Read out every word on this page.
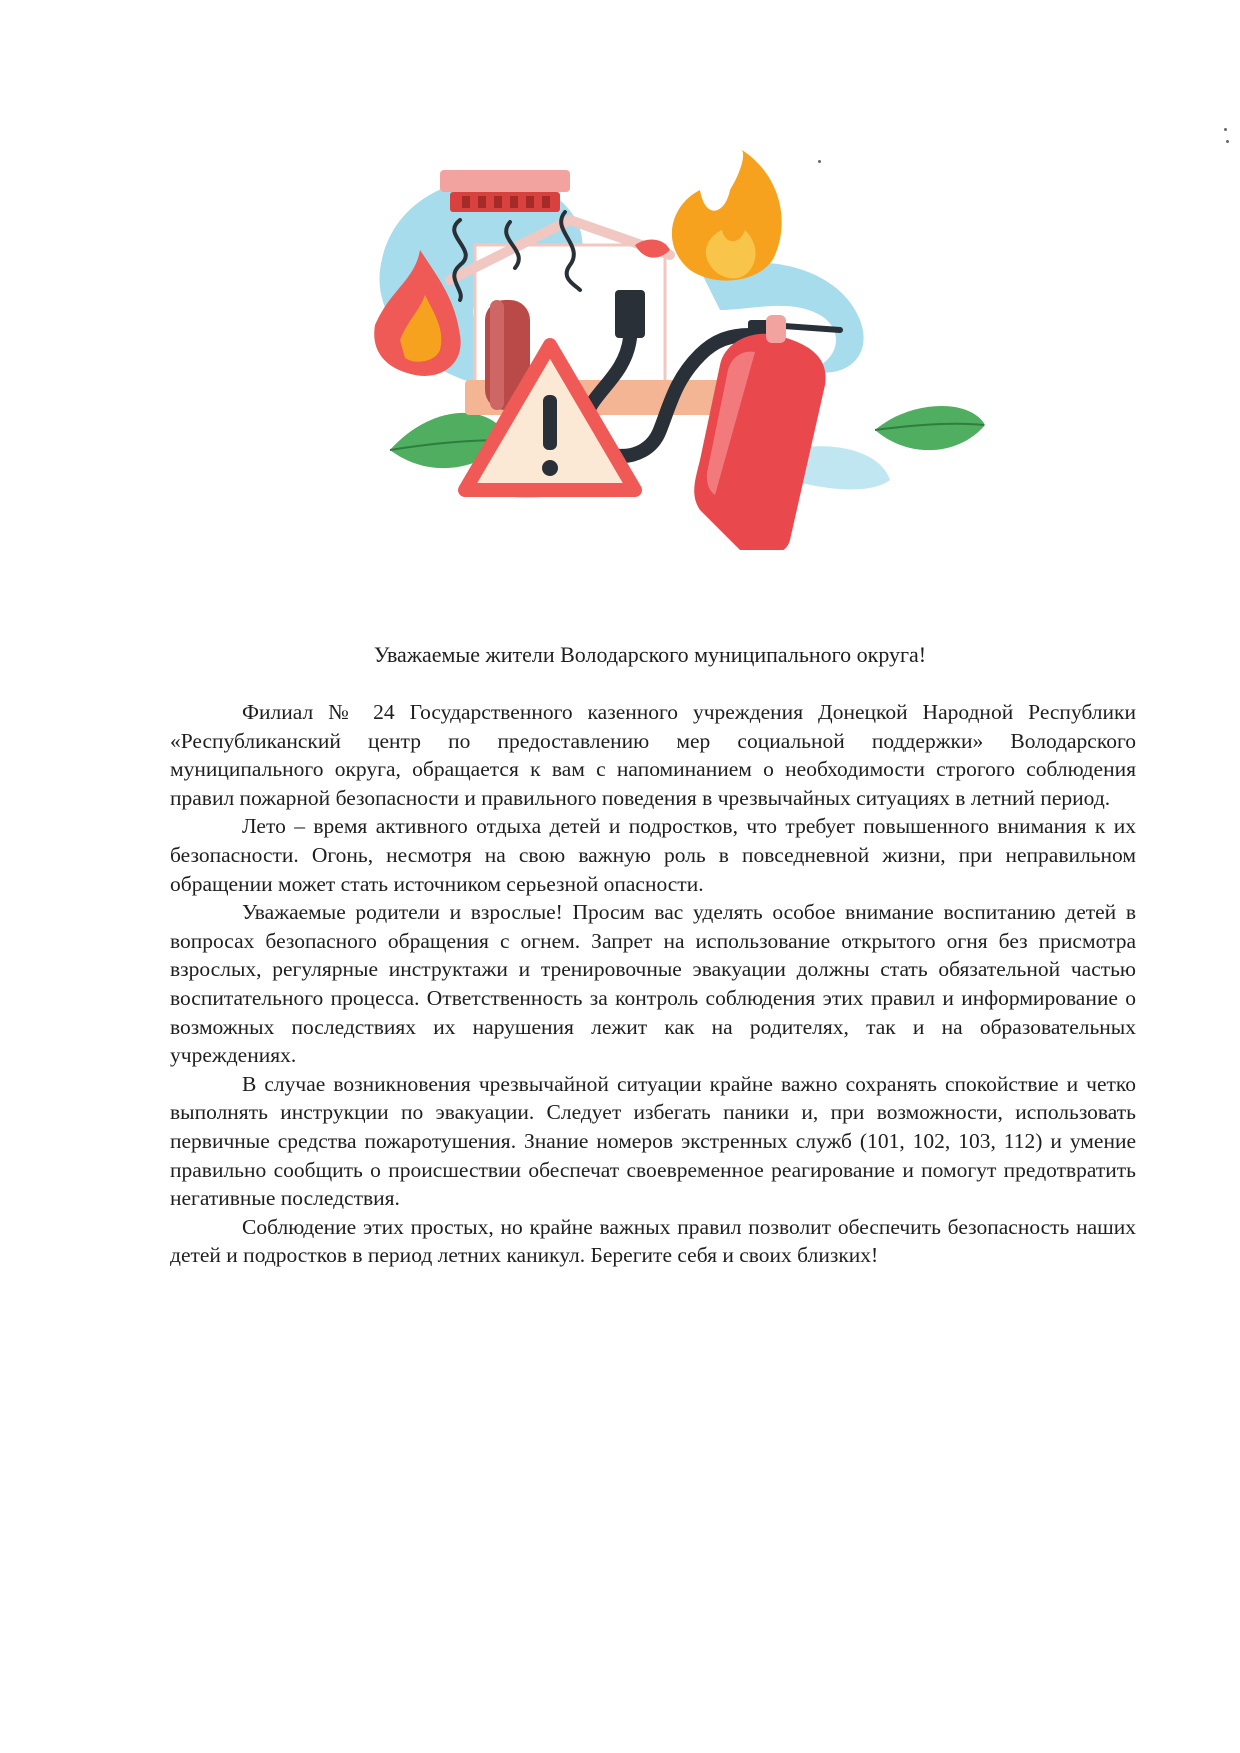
Уважаемые жители Володарского муниципального округа!

Филиал № 24 Государственного казенного учреждения Донецкой Народной Республики «Республиканский центр по предоставлению мер социальной поддержки» Володарского муниципального округа, обращается к вам с напоминанием о необходимости строгого соблюдения правил пожарной безопасности и правильного поведения в чрезвычайных ситуациях в летний период.

Лето – время активного отдыха детей и подростков, что требует повышенного внимания к их безопасности. Огонь, несмотря на свою важную роль в повседневной жизни, при неправильном обращении может стать источником серьезной опасности.

Уважаемые родители и взрослые! Просим вас уделять особое внимание воспитанию детей в вопросах безопасного обращения с огнем. Запрет на использование открытого огня без присмотра взрослых, регулярные инструктажи и тренировочные эвакуации должны стать обязательной частью воспитательного процесса. Ответственность за контроль соблюдения этих правил и информирование о возможных последствиях их нарушения лежит как на родителях, так и на образовательных учреждениях.

В случае возникновения чрезвычайной ситуации крайне важно сохранять спокойствие и четко выполнять инструкции по эвакуации. Следует избегать паники и, при возможности, использовать первичные средства пожаротушения. Знание номеров экстренных служб (101, 102, 103, 112) и умение правильно сообщить о происшествии обеспечат своевременное реагирование и помогут предотвратить негативные последствия.

Соблюдение этих простых, но крайне важных правил позволит обеспечить безопасность наших детей и подростков в период летних каникул. Берегите себя и своих близких!
